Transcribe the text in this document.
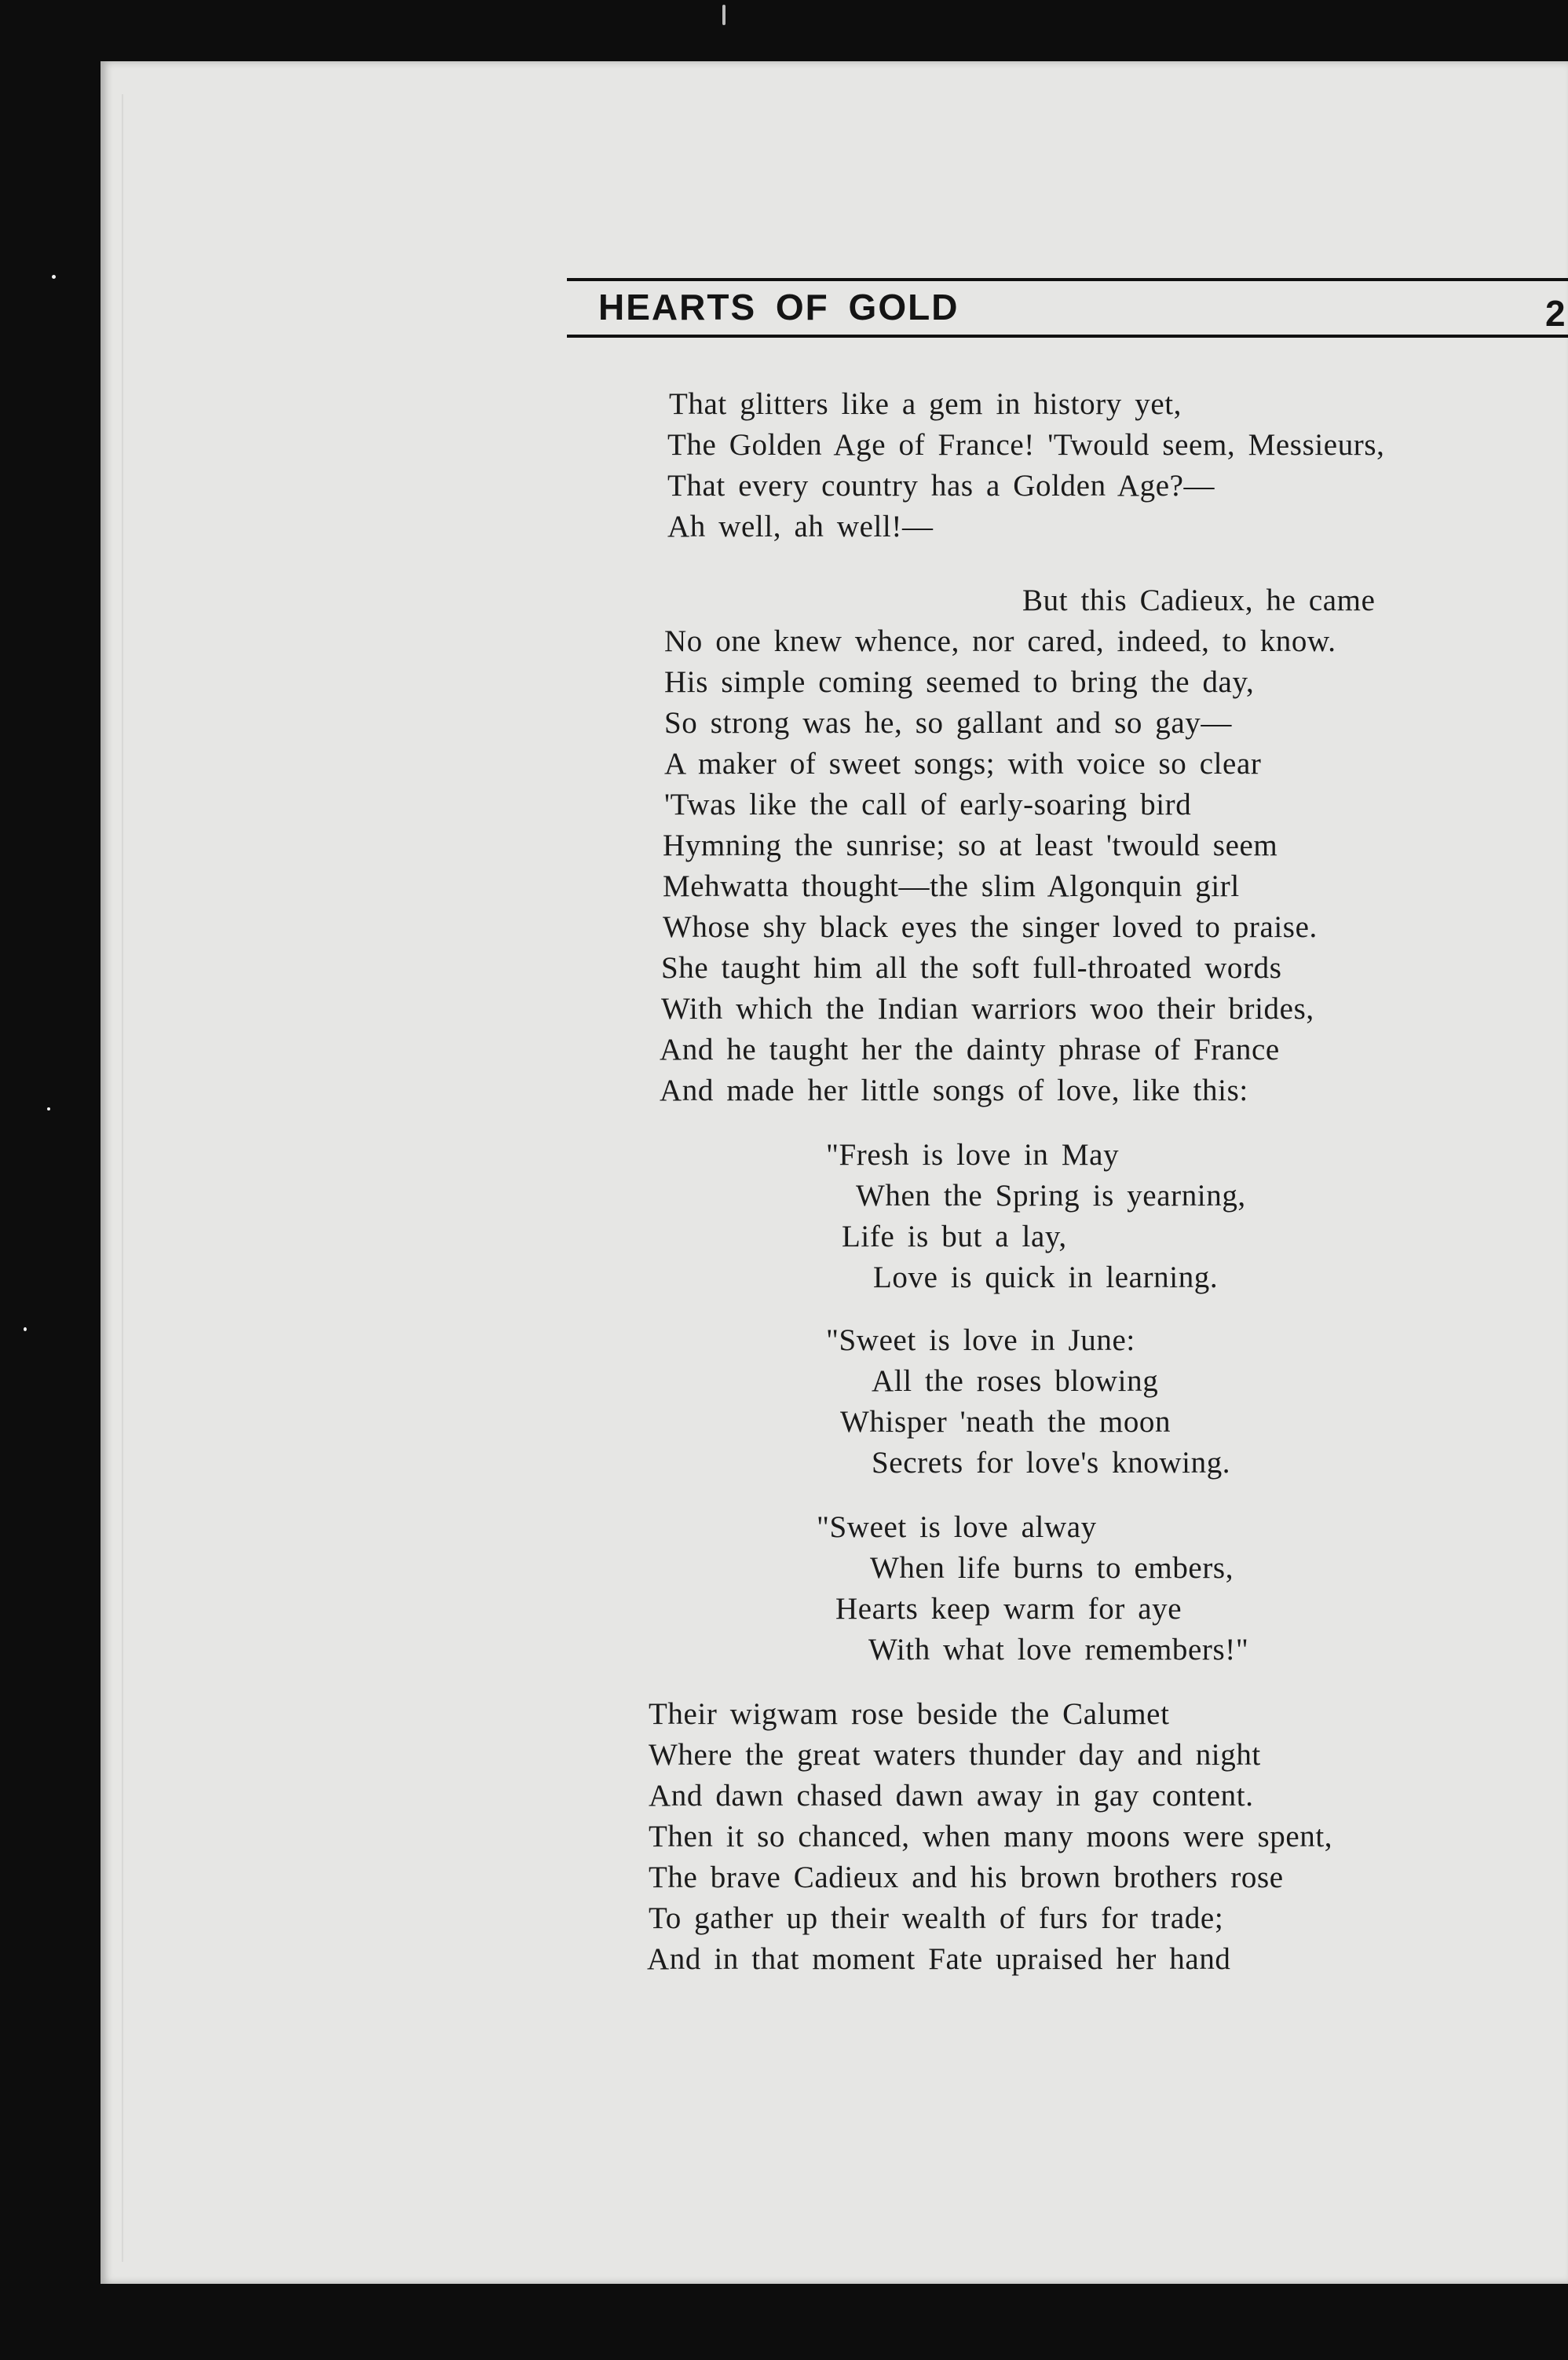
HEARTS OF GOLD	2
That glitters like a gem in history yet,
The Golden Age of France! 'Twould seem, Messieurs,
That every country has a Golden Age?—
Ah well, ah well!—
But this Cadieux, he came
No one knew whence, nor cared, indeed, to know.
His simple coming seemed to bring the day,
So strong was he, so gallant and so gay—
A maker of sweet songs; with voice so clear
'Twas like the call of early-soaring bird
Hymning the sunrise; so at least 'twould seem
Mehwatta thought—the slim Algonquin girl
Whose shy black eyes the singer loved to praise.
She taught him all the soft full-throated words
With which the Indian warriors woo their brides,
And he taught her the dainty phrase of France
And made her little songs of love, like this:
"Fresh is love in May
When the Spring is yearning,
Life is but a lay,
Love is quick in learning.
"Sweet is love in June:
All the roses blowing
Whisper 'neath the moon
Secrets for love's knowing.
"Sweet is love alway
When life burns to embers,
Hearts keep warm for aye
With what love remembers!"
Their wigwam rose beside the Calumet
Where the great waters thunder day and night
And dawn chased dawn away in gay content.
Then it so chanced, when many moons were spent,
The brave Cadieux and his brown brothers rose
To gather up their wealth of furs for trade;
And in that moment Fate upraised her hand
